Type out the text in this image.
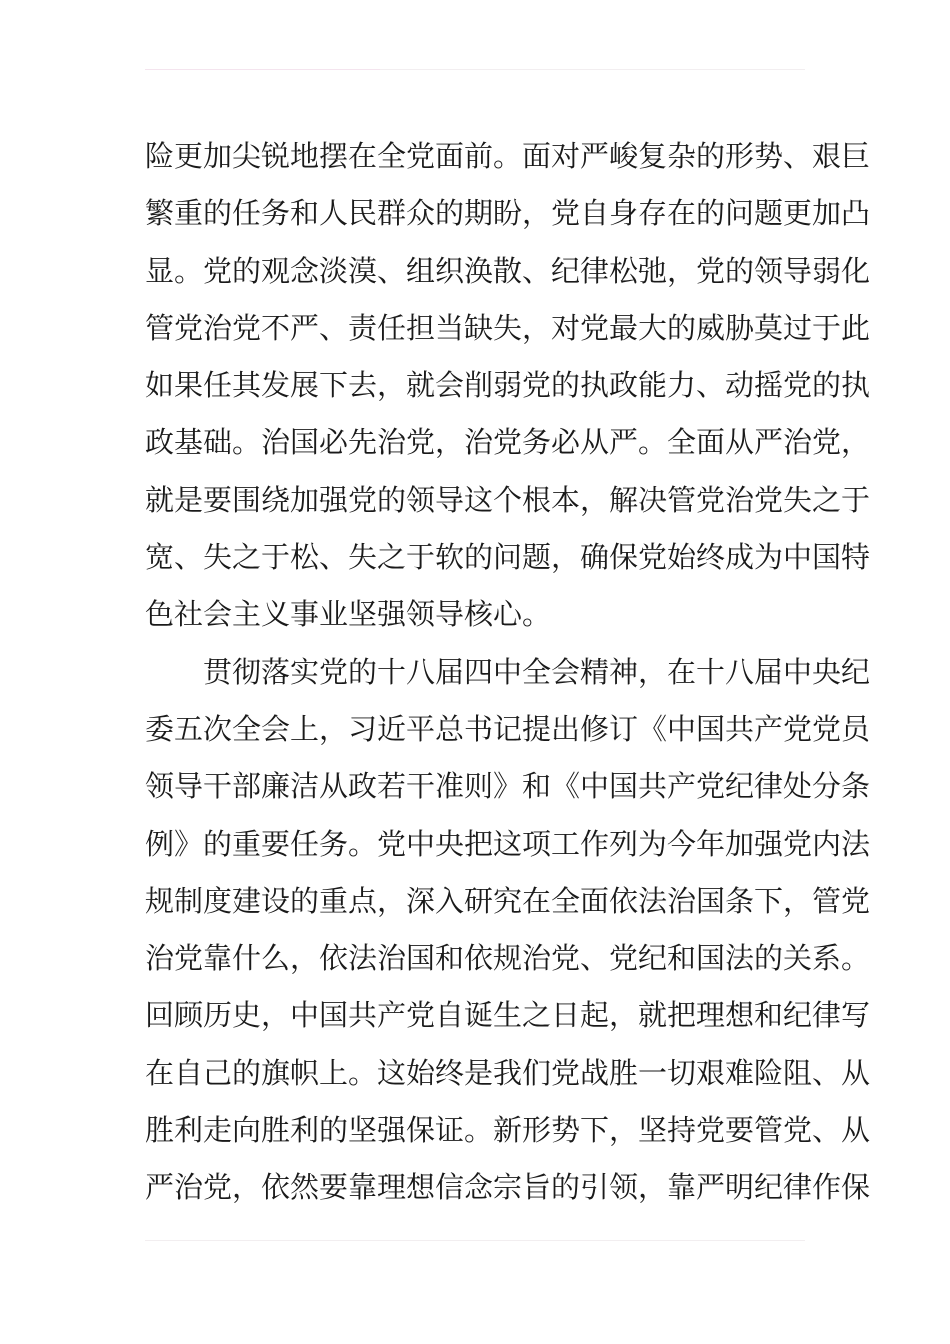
险更加尖锐地摆在全党面前。面对严峻复杂的形势、艰巨
繁重的任务和人民群众的期盼，党自身存在的问题更加凸
显。党的观念淡漠、组织涣散、纪律松弛，党的领导弱化
管党治党不严、责任担当缺失，对党最大的威胁莫过于此
如果任其发展下去，就会削弱党的执政能力、动摇党的执
政基础。治国必先治党，治党务必从严。全面从严治党，
就是要围绕加强党的领导这个根本，解决管党治党失之于
宽、失之于松、失之于软的问题，确保党始终成为中国特
色社会主义事业坚强领导核心。
贯彻落实党的十八届四中全会精神，在十八届中央纪
委五次全会上，习近平总书记提出修订《中国共产党党员
领导干部廉洁从政若干准则》和《中国共产党纪律处分条
例》的重要任务。党中央把这项工作列为今年加强党内法
规制度建设的重点，深入研究在全面依法治国条下，管党
治党靠什么，依法治国和依规治党、党纪和国法的关系。
回顾历史，中国共产党自诞生之日起，就把理想和纪律写
在自己的旗帜上。这始终是我们党战胜一切艰难险阻、从
胜利走向胜利的坚强保证。新形势下，坚持党要管党、从
严治党，依然要靠理想信念宗旨的引领，靠严明纪律作保
